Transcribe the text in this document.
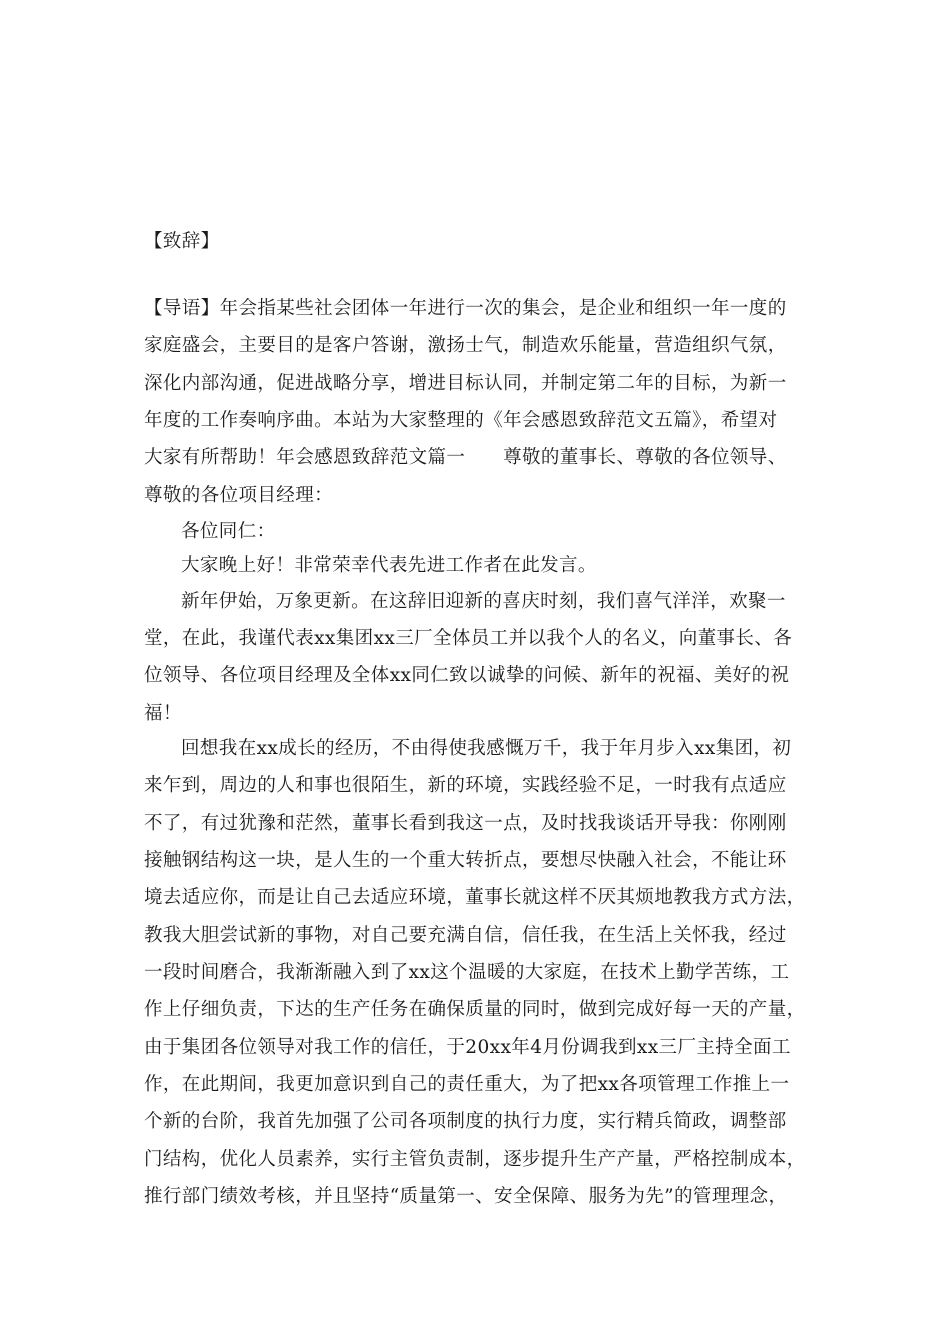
【致辞】
【导语】年会指某些社会团体一年进行一次的集会，是企业和组织一年一度的
家庭盛会，主要目的是客户答谢，激扬士气，制造欢乐能量，营造组织气氛，
深化内部沟通，促进战略分享，增进目标认同，并制定第二年的目标，为新一
年度的工作奏响序曲。本站为大家整理的《年会感恩致辞范文五篇》，希望对
大家有所帮助！年会感恩致辞范文篇一　　尊敬的董事长、尊敬的各位领导、
尊敬的各位项目经理：
各位同仁：
大家晚上好！非常荣幸代表先进工作者在此发言。
新年伊始，万象更新。在这辞旧迎新的喜庆时刻，我们喜气洋洋，欢聚一
堂，在此，我谨代表xx集团xx三厂全体员工并以我个人的名义，向董事长、各
位领导、各位项目经理及全体xx同仁致以诚挚的问候、新年的祝福、美好的祝
福！
回想我在xx成长的经历，不由得使我感慨万千，我于年月步入xx集团，初
来乍到，周边的人和事也很陌生，新的环境，实践经验不足，一时我有点适应
不了，有过犹豫和茫然，董事长看到我这一点，及时找我谈话开导我：你刚刚
接触钢结构这一块，是人生的一个重大转折点，要想尽快融入社会，不能让环
境去适应你，而是让自己去适应环境，董事长就这样不厌其烦地教我方式方法，
教我大胆尝试新的事物，对自己要充满自信，信任我，在生活上关怀我，经过
一段时间磨合，我渐渐融入到了xx这个温暖的大家庭，在技术上勤学苦练，工
作上仔细负责，下达的生产任务在确保质量的同时，做到完成好每一天的产量，
由于集团各位领导对我工作的信任，于20xx年4月份调我到xx三厂主持全面工
作，在此期间，我更加意识到自己的责任重大，为了把xx各项管理工作推上一
个新的台阶，我首先加强了公司各项制度的执行力度，实行精兵简政，调整部
门结构，优化人员素养，实行主管负责制，逐步提升生产产量，严格控制成本，
推行部门绩效考核，并且坚持“质量第一、安全保障、服务为先”的管理理念，
